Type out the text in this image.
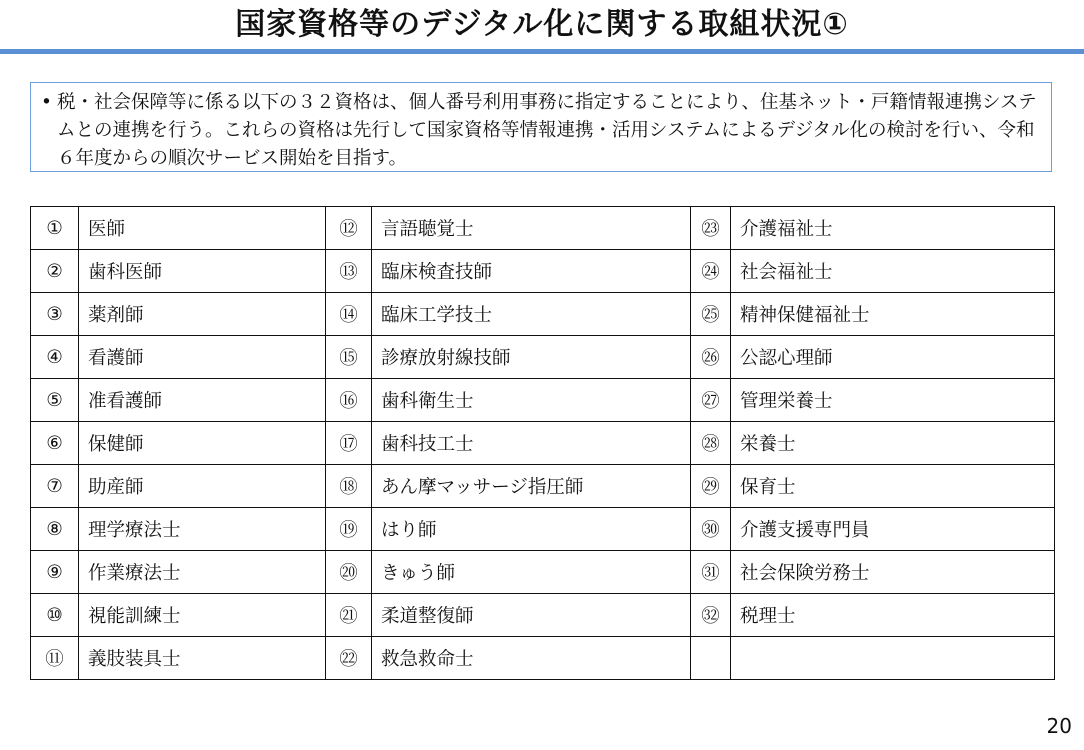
国家資格等のデジタル化に関する取組状況①
• 税・社会保障等に係る以下の３２資格は、個人番号利用事務に指定することにより、住基ネット・戸籍情報連携システムとの連携を行う。これらの資格は先行して国家資格等情報連携・活用システムによるデジタル化の検討を行い、令和６年度からの順次サービス開始を目指す。
①	医師	⑫	言語聴覚士	㉓	介護福祉士
②	歯科医師	⑬	臨床検査技師	㉔	社会福祉士
③	薬剤師	⑭	臨床工学技士	㉕	精神保健福祉士
④	看護師	⑮	診療放射線技師	㉖	公認心理師
⑤	准看護師	⑯	歯科衛生士	㉗	管理栄養士
⑥	保健師	⑰	歯科技工士	㉘	栄養士
⑦	助産師	⑱	あん摩マッサージ指圧師	㉙	保育士
⑧	理学療法士	⑲	はり師	㉚	介護支援専門員
⑨	作業療法士	⑳	きゅう師	㉛	社会保険労務士
⑩	視能訓練士	㉑	柔道整復師	㉜	税理士
⑪	義肢装具士	㉒	救急救命士		
20
